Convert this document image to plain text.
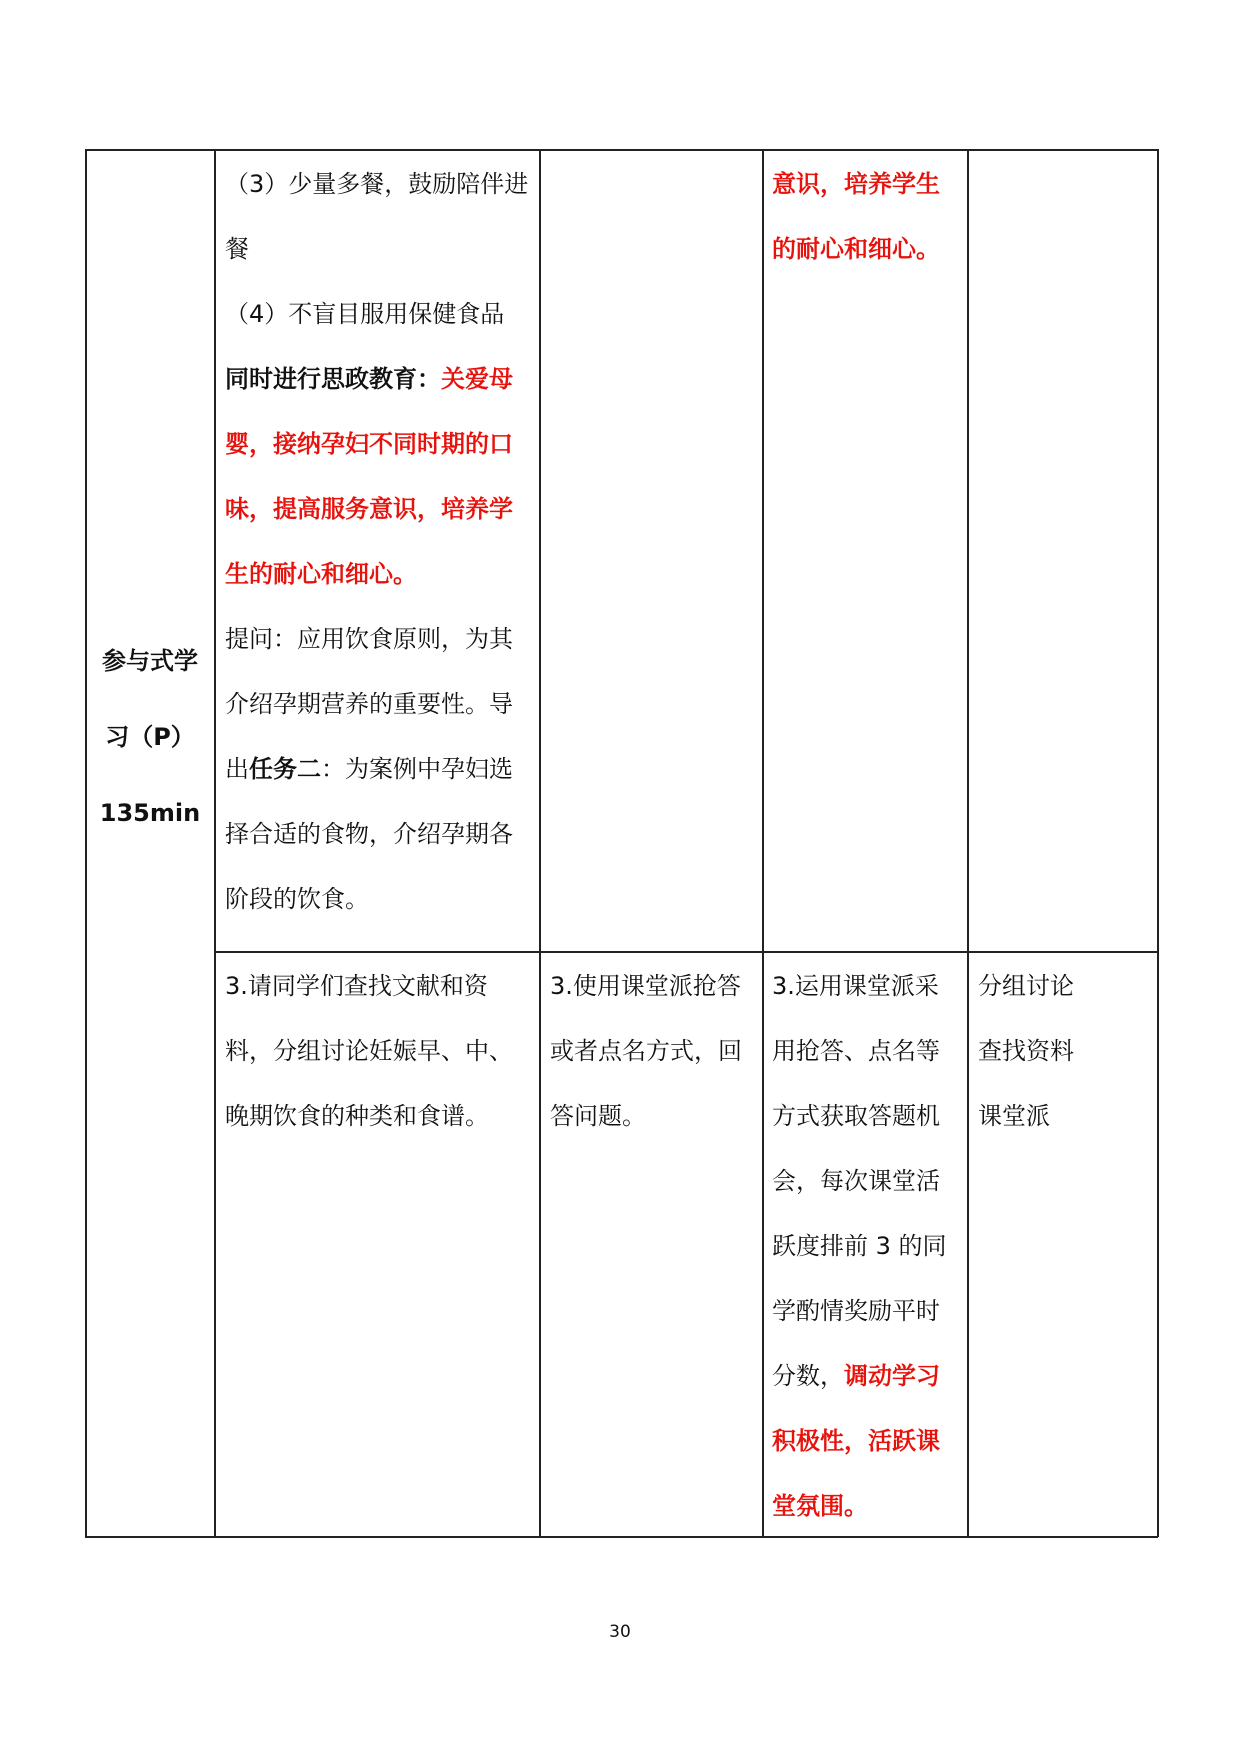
参与式学
习（P）
135min

（3）少量多餐，鼓励陪伴进

餐

（4）不盲目服用保健食品

同时进行思政教育：关爱母

婴，接纳孕妇不同时期的口

味，提高服务意识，培养学

生的耐心和细心。

提问：应用饮食原则，为其

介绍孕期营养的重要性。导

出任务二：为案例中孕妇选

择合适的食物，介绍孕期各

阶段的饮食。

意识，培养学生

的耐心和细心。

3.请同学们查找文献和资

料，分组讨论妊娠早、中、

晚期饮食的种类和食谱。

3.使用课堂派抢答

或者点名方式，回

答问题。

3.运用课堂派采

用抢答、点名等

方式获取答题机

会，每次课堂活

跃度排前 3 的同

学酌情奖励平时

分数，调动学习

积极性，活跃课

堂氛围。

分组讨论

查找资料

课堂派

30
